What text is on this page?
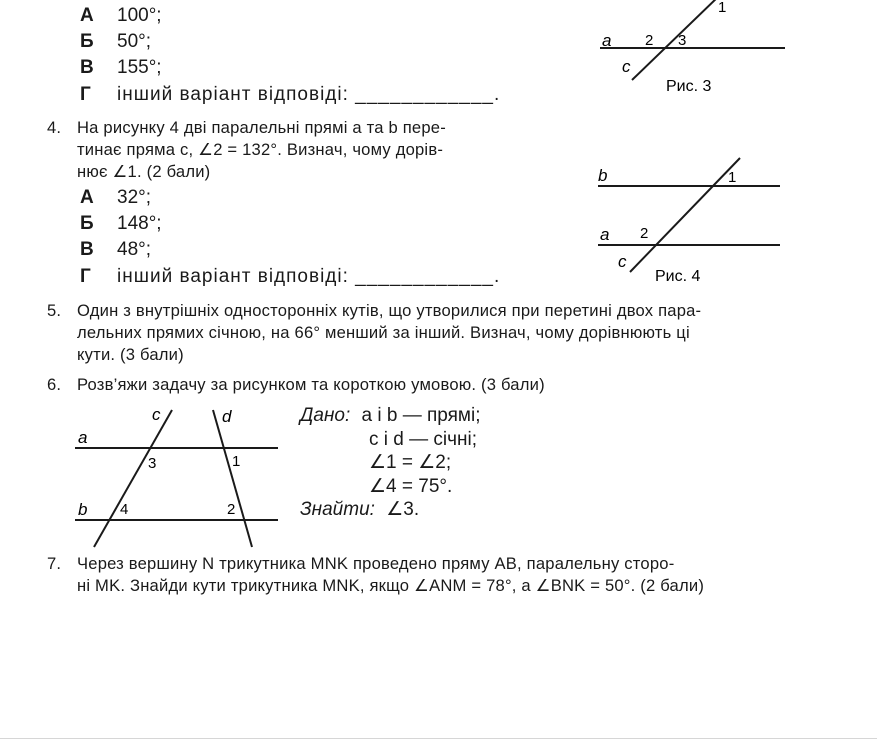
А 100°;
Б 50°;
В 155°;
Г інший варіант відповіді: ____________.
a
c
2 3
1
Рис. 3
4. На рисунку 4 дві паралельні прямі a та b пере-
тинає пряма c, ∠2 = 132°. Визнач, чому дорів-
нює ∠1. (2 бали)
А 32°;
Б 148°;
В 48°;
Г інший варіант відповіді: ____________.
b
a
c
1
2
Рис. 4
5. Один з внутрішніх односторонніх кутів, що утворилися при перетині двох пара-
лельних прямих січною, на 66° менший за інший. Визнач, чому дорівнюють ці
кути. (3 бали)
6. Розв’яжи задачу за рисунком та короткою умовою. (3 бали)
a
b
c	d
1
2
3
4
Дано: a і b — прямі;
c і d — січні;
∠1 = ∠2;
∠4 = 75°.
Знайти: ∠3.
7. Через вершину N трикутника MNK проведено пряму AB, паралельну сторо-
ні MK. Знайди кути трикутника MNK, якщо ∠ANM = 78°, а ∠BNK = 50°. (2 бали)
